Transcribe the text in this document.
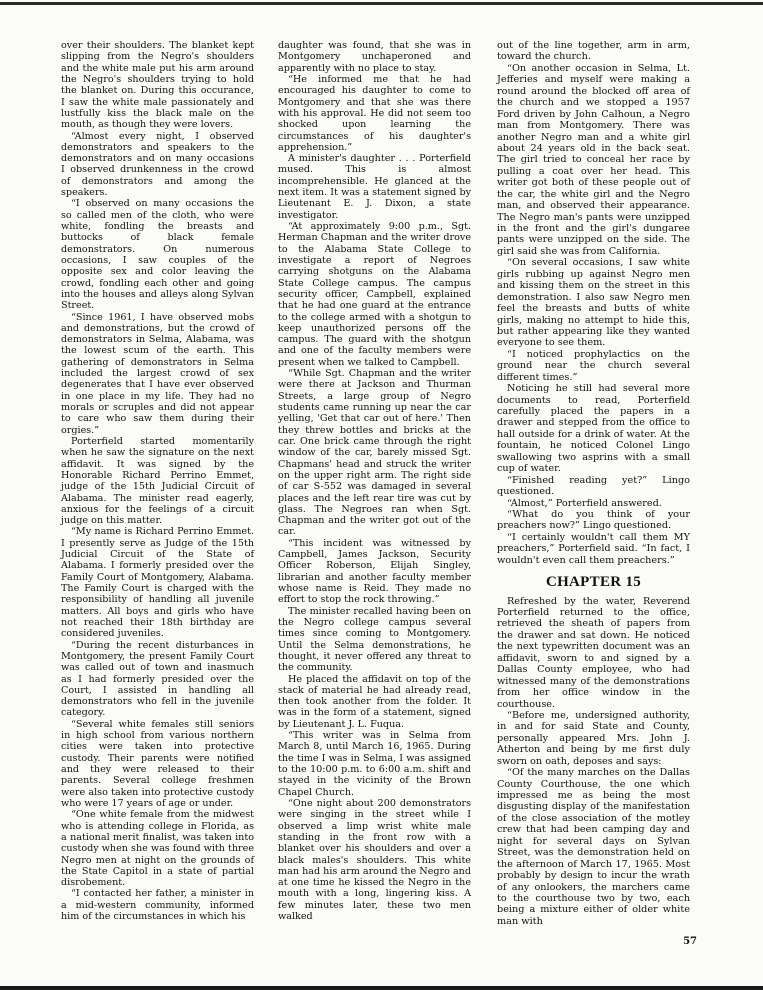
over their shoulders. The blanket kept slipping from the Negro's shoulders and the white male put his arm around the Negro's shoulders trying to hold the blanket on. During this occurance, I saw the white male passionately and lustfully kiss the black male on the mouth, as though they were lovers.

“Almost every night, I observed demonstrators and speakers to the demonstrators and on many occasions I observed drunkenness in the crowd of demonstrators and among the speakers.

“I observed on many occasions the so called men of the cloth, who were white, fondling the breasts and buttocks of black female demonstrators. On numerous occasions, I saw couples of the opposite sex and color leaving the crowd, fondling each other and going into the houses and alleys along Sylvan Street.

“Since 1961, I have observed mobs and demonstrations, but the crowd of demonstrators in Selma, Alabama, was the lowest scum of the earth. This gathering of demonstrators in Selma included the largest crowd of sex degenerates that I have ever observed in one place in my life. They had no morals or scruples and did not appear to care who saw them during their orgies.”

Porterfield started momentarily when he saw the signature on the next affidavit. It was signed by the Honorable Richard Perrino Emmet, judge of the 15th Judicial Circuit of Alabama. The minister read eagerly, anxious for the feelings of a circuit judge on this matter.

“My name is Richard Perrino Emmet. I presently serve as Judge of the 15th Judicial Circuit of the State of Alabama. I formerly presided over the Family Court of Montgomery, Alabama. The Family Court is charged with the responsibility of handling all juvenile matters. All boys and girls who have not reached their 18th birthday are considered juveniles.

“During the recent disturbances in Montgomery, the present Family Court was called out of town and inasmuch as I had formerly presided over the Court, I assisted in handling all demonstrators who fell in the juvenile category.

“Several white females still seniors in high school from various northern cities were taken into protective custody. Their parents were notified and they were released to their parents. Several college freshmen were also taken into protective custody who were 17 years of age or under.

“One white female from the midwest who is attending college in Florida, as a national merit finalist, was taken into custody when she was found with three Negro men at night on the grounds of the State Capitol in a state of partial disrobement.

“I contacted her father, a minister in a mid-western community, informed him of the circumstances in which his

daughter was found, that she was in Montgomery unchaperoned and apparently with no place to stay.

“He informed me that he had encouraged his daughter to come to Montgomery and that she was there with his approval. He did not seem too shocked upon learning the circumstances of his daughter's apprehension.”

A minister's daughter . . . Porterfield mused. This is almost incomprehensible. He glanced at the next item. It was a statement signed by Lieutenant E. J. Dixon, a state investigator.

“At approximately 9:00 p.m., Sgt. Herman Chapman and the writer drove to the Alabama State College to investigate a report of Negroes carrying shotguns on the Alabama State College campus. The campus security officer, Campbell, explained that he had one guard at the entrance to the college armed with a shotgun to keep unauthorized persons off the campus. The guard with the shotgun and one of the faculty members were present when we talked to Campbell.

“While Sgt. Chapman and the writer were there at Jackson and Thurman Streets, a large group of Negro students came running up near the car yelling, 'Get that car out of here.' Then they threw bottles and bricks at the car. One brick came through the right window of the car, barely missed Sgt. Chapmans' head and struck the writer on the upper right arm. The right side of car S-552 was damaged in several places and the left rear tire was cut by glass. The Negroes ran when Sgt. Chapman and the writer got out of the car.

“This incident was witnessed by Campbell, James Jackson, Security Officer Roberson, Elijah Singley, librarian and another faculty member whose name is Reid. They made no effort to stop the rock throwing.”

The minister recalled having been on the Negro college campus several times since coming to Montgomery. Until the Selma demonstrations, he thought, it never offered any threat to the community.

He placed the affidavit on top of the stack of material he had already read, then took another from the folder. It was in the form of a statement, signed by Lieutenant J. L. Fuqua.

“This writer was in Selma from March 8, until March 16, 1965. During the time I was in Selma, I was assigned to the 10:00 p.m. to 6:00 a.m. shift and stayed in the vicinity of the Brown Chapel Church.

“One night about 200 demonstrators were singing in the street while I observed a limp wrist white male standing in the front row with a blanket over his shoulders and over a black males's shoulders. This white man had his arm around the Negro and at one time he kissed the Negro in the mouth with a long, lingering kiss. A few minutes later, these two men walked

out of the line together, arm in arm, toward the church.

“On another occasion in Selma, Lt. Jefferies and myself were making a round around the blocked off area of the church and we stopped a 1957 Ford driven by John Calhoun, a Negro man from Montgomery. There was another Negro man and a white girl about 24 years old in the back seat. The girl tried to conceal her race by pulling a coat over her head. This writer got both of these people out of the car, the white girl and the Negro man, and observed their appearance. The Negro man's pants were unzipped in the front and the girl's dungaree pants were unzipped on the side. The girl said she was from California.

“On several occasions, I saw white girls rubbing up against Negro men and kissing them on the street in this demonstration. I also saw Negro men feel the breasts and butts of white girls, making no attempt to hide this, but rather appearing like they wanted everyone to see them.

“I noticed prophylactics on the ground near the church several different times.”

Noticing he still had several more documents to read, Porterfield carefully placed the papers in a drawer and stepped from the office to hall outside for a drink of water. At the fountain, he noticed Colonel Lingo swallowing two asprins with a small cup of water.

“Finished reading yet?” Lingo questioned.

“Almost,” Porterfield answered.

“What do you think of your preachers now?” Lingo questioned.

“I certainly wouldn't call them MY preachers,” Porterfield said. “In fact, I wouldn't even call them preachers.”

CHAPTER 15

Refreshed by the water, Reverend Porterfield returned to the office, retrieved the sheath of papers from the drawer and sat down. He noticed the next typewritten document was an affidavit, sworn to and signed by a Dallas County employee, who had witnessed many of the demonstrations from her office window in the courthouse.

“Before me, undersigned authority, in and for said State and County, personally appeared Mrs. John J. Atherton and being by me first duly sworn on oath, deposes and says:

“Of the many marches on the Dallas County Courthouse, the one which impressed me as being the most disgusting display of the manifestation of the close association of the motley crew that had been camping day and night for several days on Sylvan Street, was the demonstration held on the afternoon of March 17, 1965. Most probably by design to incur the wrath of any onlookers, the marchers came to the courthouse two by two, each being a mixture either of older white man with

57
